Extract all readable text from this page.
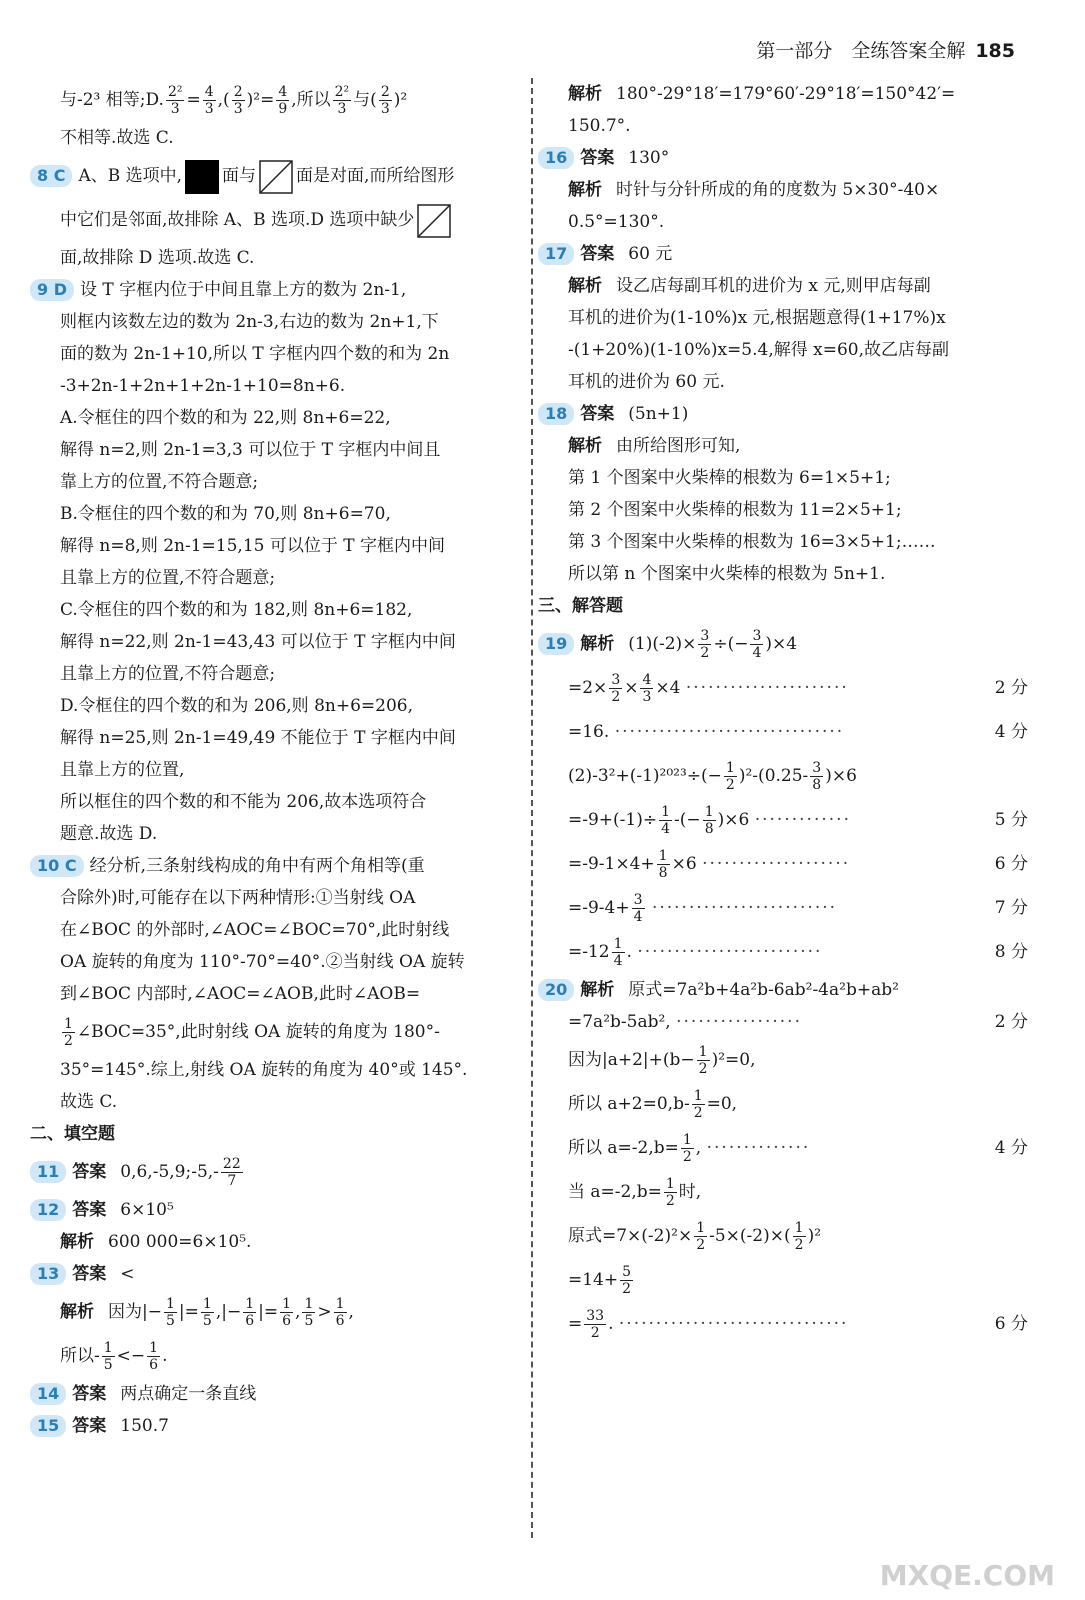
第一部分　全练答案全解 185
与-2³ 相等;D. $\frac{\text{2²}}{3} = \frac{4}{3}$ ,( $\frac{2}{3} )^2= \frac{4}{9}$ ,所以 $\frac{\text{2²}}{3}$ 与( $\frac{2}{3} )^2$
不相等.故选 C.
8 C A、B 选项中, 面与 面是对面,而所给图形
中它们是邻面,故排除 A、B 选项.D 选项中缺少
面,故排除 D 选项.故选 C.
9 D 设 T 字框内位于中间且靠上方的数为 2n-1,
则框内该数左边的数为 2n-3,右边的数为 2n+1,下
面的数为 2n-1+10,所以 T 字框内四个数的和为 2n
-3+2n-1+2n+1+2n-1+10=8n+6.
A.令框住的四个数的和为 22,则 8n+6=22,
解得 n=2,则 2n-1=3,3 可以位于 T 字框内中间且
靠上方的位置,不符合题意;
B.令框住的四个数的和为 70,则 8n+6=70,
解得 n=8,则 2n-1=15,15 可以位于 T 字框内中间
且靠上方的位置,不符合题意;
C.令框住的四个数的和为 182,则 8n+6=182,
解得 n=22,则 2n-1=43,43 可以位于 T 字框内中间
且靠上方的位置,不符合题意;
D.令框住的四个数的和为 206,则 8n+6=206,
解得 n=25,则 2n-1=49,49 不能位于 T 字框内中间
且靠上方的位置,
所以框住的四个数的和不能为 206,故本选项符合
题意.故选 D.
10 C 经分析,三条射线构成的角中有两个角相等(重
合除外)时,可能存在以下两种情形:①当射线 OA
在∠BOC 的外部时,∠AOC=∠BOC=70°,此时射线
OA 旋转的角度为 110°-70°=40°.②当射线 OA 旋转
到∠BOC 内部时,∠AOC=∠AOB,此时∠AOB=
$\frac{1}{2}$ ∠BOC=35°,此时射线 OA 旋转的角度为 180°-
35°=145°.综上,射线 OA 旋转的角度为 40°或 145°.
故选 C.
二、填空题
11 答案 0,6,-5,9;-5,- $\frac{22}{7}$
12 答案 6×10⁵
解析 600 000=6×10⁵.
13 答案 <
解析 因为|− $\frac{1}{5}$ |= $\frac{1}{5}$ ,|− $\frac{1}{6}$ |= $\frac{1}{6}$ , $\frac{1}{5} > \frac{1}{6}$ ,
所以- $\frac{1}{5} <- \frac{1}{6}$ .
14 答案 两点确定一条直线
15 答案 150.7
解析 180°-29°18′=179°60′-29°18′=150°42′=
150.7°.
16 答案 130°
解析 时针与分针所成的角的度数为 5×30°-40×
0.5°=130°.
17 答案 60 元
解析 设乙店每副耳机的进价为 x 元,则甲店每副
耳机的进价为(1-10%)x 元,根据题意得(1+17%)x
-(1+20%)(1-10%)x=5.4,解得 x=60,故乙店每副
耳机的进价为 60 元.
18 答案 (5n+1)
解析 由所给图形可知,
第 1 个图案中火柴棒的根数为 6=1×5+1;
第 2 个图案中火柴棒的根数为 11=2×5+1;
第 3 个图案中火柴棒的根数为 16=3×5+1;……
所以第 n 个图案中火柴棒的根数为 5n+1.
三、解答题
19 解析 $(1)(-2)\times \frac{3}{2}$ ÷(− $\frac{3}{4} )\times 4$
$=2\times \frac{3}{2} \times \frac{4}{3} \times 4$ ······················	2 分
=16. ·······························	4 分
$(2)-3^2+(-1)^{2023}\div(- \frac{1}{2} )^2-(0.25- \frac{3}{8} )\times 6$
$=-9+(-1)\div \frac{1}{4}$ -(− $\frac{1}{8} )\times 6$ ·············	5 分
$=-9-1\times 4+ \frac{1}{8} \times 6$ ····················	6 分
$=-9-4+ \frac{3}{4}$ ·························	7 分
$=-12 \frac{1}{4}$ . ·························	8 分
20 解析 原式=7a²b+4a²b-6ab²-4a²b+ab²
=7a²b-5ab², ·················	2 分
因为$|a+2|+(b- \frac{1}{2} )^2=0$,
所以 $a+2=0,b- \frac{1}{2} =0$,
所以 $a=-2,b= \frac{1}{2}$ , ··············	4 分
当 $a=-2,b= \frac{1}{2}$ 时,
原式$=7\times(-2)^2\times \frac{1}{2} -5\times(-2)\times( \frac{1}{2} )^2$
$=14+ \frac{5}{2}$
= $\frac{33}{2}$ . ·······························	6 分
MXQE.COM
